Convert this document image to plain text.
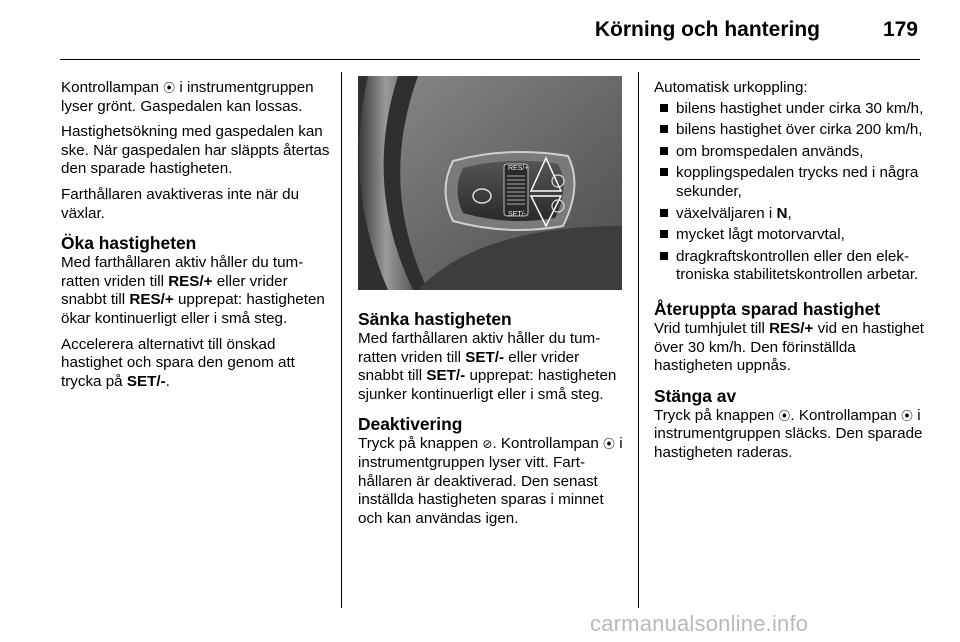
Körning och hantering	179

Kontrollampan ⦿ i instrumentgruppen lyser grönt. Gaspedalen kan lossas.

Hastighetsökning med gaspedalen kan ske. När gaspedalen har släppts återtas den sparade hastigheten.

Farthållaren avaktiveras inte när du växlar.

Öka hastigheten

Med farthållaren aktiv håller du tumratten vriden till RES/+ eller vrider snabbt till RES/+ upprepat: hastigheten ökar kontinuerligt eller i små steg.

Accelerera alternativt till önskad hastighet och spara den genom att trycka på SET/-.

RES/+
SET/-
Sänka hastigheten

Med farthållaren aktiv håller du tumratten vriden till SET/- eller vrider snabbt till SET/- upprepat: hastigheten sjunker kontinuerligt eller i små steg.

Deaktivering

Tryck på knappen ⊘. Kontrollampan ⦿ i instrumentgruppen lyser vitt. Farthållaren är deaktiverad. Den senast inställda hastigheten sparas i minnet och kan användas igen.

Automatisk urkoppling:

bilens hastighet under cirka 30 km/h,
bilens hastighet över cirka 200 km/h,
om bromspedalen används,
kopplingspedalen trycks ned i några sekunder,
växelväljaren i N,
mycket lågt motorvarvtal,
dragkraftskontrollen eller den elektroniska stabilitetskontrollen arbetar.
Återuppta sparad hastighet

Vrid tumhjulet till RES/+ vid en hastighet över 30 km/h. Den förinställda hastigheten uppnås.

Stänga av

Tryck på knappen ⦿. Kontrollampan ⦿ i instrumentgruppen släcks. Den sparade hastigheten raderas.

carmanualsonline.info
